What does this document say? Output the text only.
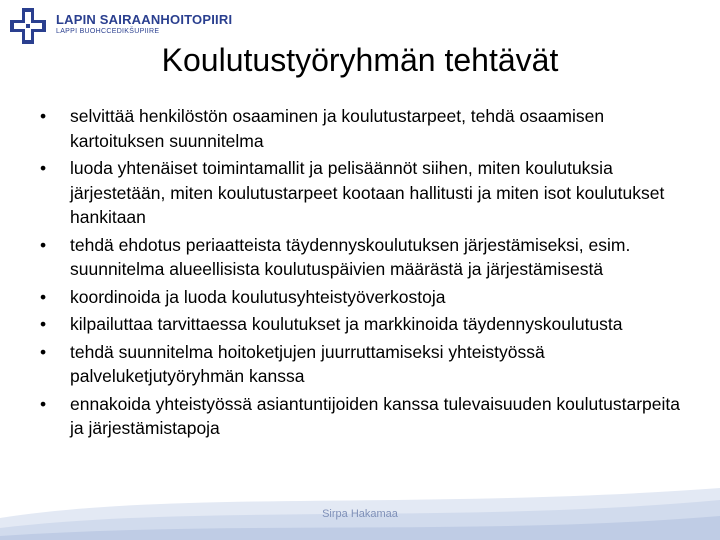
LAPIN SAIRAANHOITOPIIRI
LAPPI BUOHCCEDIKŠUPIIRE
Koulutustyöryhmän tehtävät
• selvittää henkilöstön osaaminen ja koulutustarpeet, tehdä osaamisen kartoituksen suunnitelma
• luoda yhtenäiset toimintamallit ja pelisäännöt siihen, miten koulutuksia järjestetään, miten koulutustarpeet kootaan hallitusti ja miten isot koulutukset hankitaan
• tehdä ehdotus periaatteista täydennyskoulutuksen järjestämiseksi, esim. suunnitelma alueellisista koulutuspäivien määrästä ja järjestämisestä
• koordinoida ja luoda koulutusyhteistyöverkostoja
• kilpailuttaa tarvittaessa koulutukset ja markkinoida täydennyskoulutusta
• tehdä suunnitelma hoitoketjujen juurruttamiseksi yhteistyössä palveluketjutyöryhmän kanssa
• ennakoida yhteistyössä asiantuntijoiden kanssa tulevaisuuden koulutustarpeita ja järjestämistapoja
Sirpa Hakamaa
